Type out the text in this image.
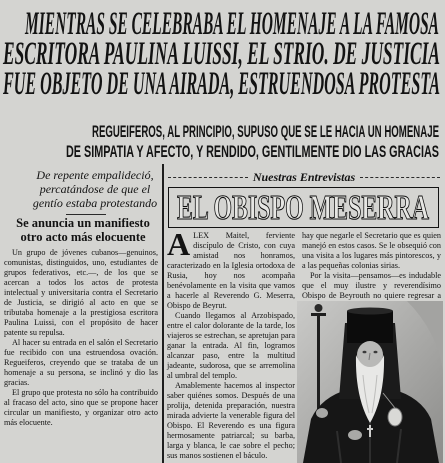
MIENTRAS SE CELEBRABA EL HOMENAJE A LA FAMOSA
ESCRITORA PAULINA LUISSI, EL STRIO. DE JUSTICIA
FUE OBJETO DE UNA AIRADA, ESTRUENDOSA PROTESTA
REGUEIFEROS, AL PRINCIPIO, SUPUSO QUE SE LE HACIA UN HOMENAJE
DE SIMPATIA Y AFECTO, Y RENDIDO, GENTILMENTE DIO LAS GRACIAS
De repente empalideció,
percatándose de que el
gentío estaba protestando
Se anuncia un manifiesto
otro acto más elocuente

Un grupo de jóvenes cubanos—genuinos, comunistas, distinguidos, uno, estudiantes de grupos federativos, etc.—, de los que se acercan a todos los actos de protesta intelectual y universitaria contra el Secretario de Justicia, se dirigió al acto en que se tributaba homenaje a la prestigiosa escritora Paulina Luissi, con el propósito de hacer patente su repulsa.

Al hacer su entrada en el salón el Secretario fue recibido con una estruendosa ovación. Regueiferos, creyendo que se trataba de un homenaje a su persona, se inclinó y dio las gracias.

El grupo que protesta no sólo ha contribuido al fracaso del acto, sino que se propone hacer circular un manifiesto, y organizar otro acto más elocuente.

Nuestras Entrevistas
EL OBISPO MESERRA
A LEX Maitel, ferviente discípulo de Cristo, con cuya amistad nos honramos, caracterizado en la Iglesia ortodoxa de Rusia, hoy nos acompaña benévolamente en la visita que vamos a hacerle al Reverendo G. Meserra, Obispo de Beyrut.

Cuando llegamos al Arzobispado, entre el calor dolorante de la tarde, los viajeros se estrechan, se apretujan para ganar la entrada. Al fin, logramos alcanzar paso, entre la multitud jadeante, sudorosa, que se arremolina al umbral del templo.

Amablemente hacemos al inspector saber quiénes somos. Después de una prolija, detenida preparación, nuestra mirada advierte la venerable figura del Obispo. El Reverendo es una figura hermosamente patriarcal; su barba, larga y blanca, le cae sobre el pecho; sus manos sostienen el báculo.

hay que negarle el Secretario que es quien manejó en estos casos. Se le obsequió con una visita a los lugares más pintorescos, y a las pequeñas colonias sirias.

Por la visita—pensamos—es indudable que el muy ilustre y reverendísimo Obispo de Beyrouth no quiere regresar a
